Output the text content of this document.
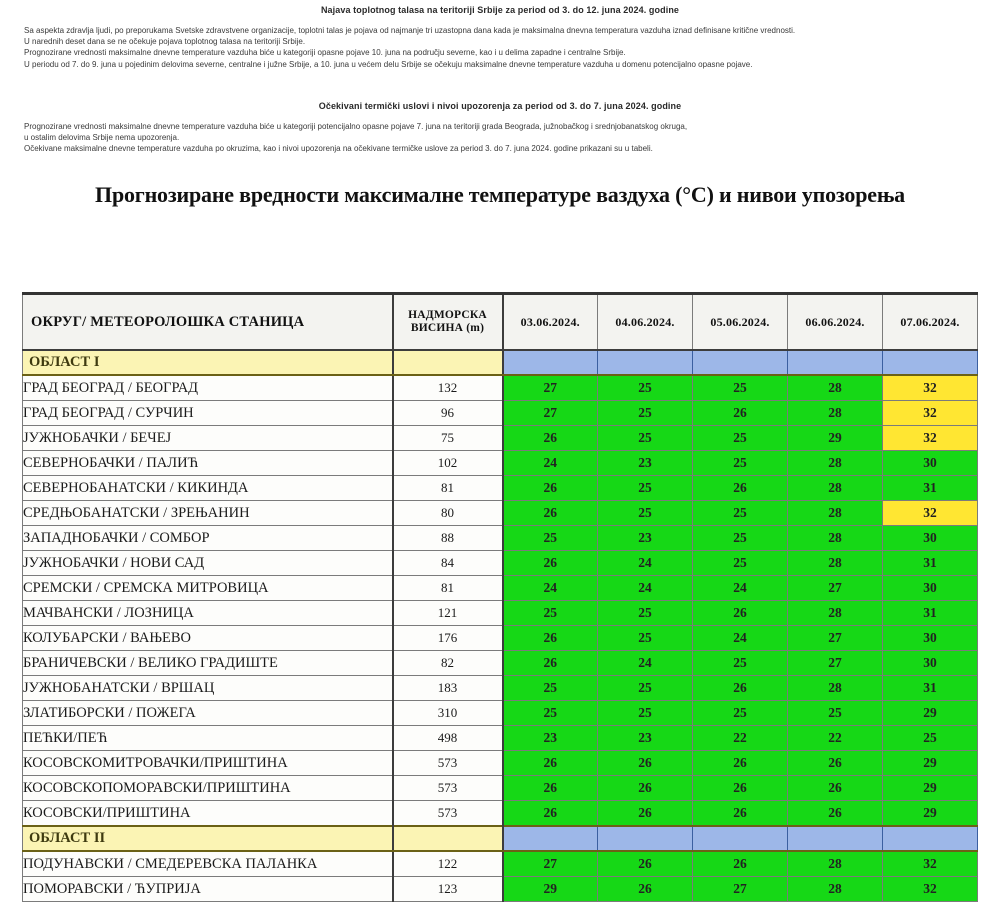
Najava toplotnog talasa na teritoriji Srbije za period od 3. do 12. juna 2024. godine

Sa aspekta zdravlja ljudi, po preporukama Svetske zdravstvene organizacije, toplotni talas je pojava od najmanje tri uzastopna dana kada je maksimalna dnevna temperatura vazduha iznad definisane kritične vrednosti.

U narednih deset dana se ne očekuje pojava toplotnog talasa na teritoriji Srbije.

Prognozirane vrednosti maksimalne dnevne temperature vazduha biće u kategoriji opasne pojave 10. juna na području severne, kao i u delima zapadne i centralne Srbije.

U periodu od 7. do 9. juna u pojedinim delovima severne, centralne i južne Srbije, a 10. juna u većem delu Srbije se očekuju maksimalne dnevne temperature vazduha u domenu potencijalno opasne pojave.

Očekivani termički uslovi i nivoi upozorenja za period od 3. do 7. juna 2024. godine

Prognozirane vrednosti maksimalne dnevne temperature vazduha biće u kategoriji potencijalno opasne pojave 7. juna na teritoriji grada Beograda, južnobačkog i srednjobanatskog okruga,

u ostalim delovima Srbije nema upozorenja.

Očekivane maksimalne dnevne temperature vazduha po okruzima, kao i nivoi upozorenja na očekivane termičke uslove za period 3. do 7. juna 2024. godine prikazani su u tabeli.

Прогнозиране вредности максималне температуре ваздуха (°C) и нивои упозорења
ОКРУГ/ МЕТЕОРОЛОШКА СТАНИЦА	НАДМОРСКА
ВИСИНА (m)	03.06.2024.	04.06.2024.	05.06.2024.	06.06.2024.	07.06.2024.
ОБЛАСТ I						
ГРАД БЕОГРАД / БЕОГРАД	132	27	25	25	28	32
ГРАД БЕОГРАД / СУРЧИН	96	27	25	26	28	32
ЈУЖНОБАЧКИ / БЕЧЕЈ	75	26	25	25	29	32
СЕВЕРНОБАЧКИ / ПАЛИЋ	102	24	23	25	28	30
СЕВЕРНОБАНАТСКИ / КИКИНДА	81	26	25	26	28	31
СРЕДЊОБАНАТСКИ / ЗРЕЊАНИН	80	26	25	25	28	32
ЗАПАДНОБАЧКИ / СОМБОР	88	25	23	25	28	30
ЈУЖНОБАЧКИ / НОВИ САД	84	26	24	25	28	31
СРЕМСКИ / СРЕМСКА МИТРОВИЦА	81	24	24	24	27	30
МАЧВАНСКИ / ЛОЗНИЦА	121	25	25	26	28	31
КОЛУБАРСКИ / ВАЊЕВО	176	26	25	24	27	30
БРАНИЧЕВСКИ / ВЕЛИКО ГРАДИШТЕ	82	26	24	25	27	30
ЈУЖНОБАНАТСКИ / ВРШАЦ	183	25	25	26	28	31
ЗЛАТИБОРСКИ / ПОЖЕГА	310	25	25	25	25	29
ПЕЋКИ/ПЕЋ	498	23	23	22	22	25
КОСОВСКОМИТРОВАЧКИ/ПРИШТИНА	573	26	26	26	26	29
КОСОВСКОПОМОРАВСКИ/ПРИШТИНА	573	26	26	26	26	29
КОСОВСКИ/ПРИШТИНА	573	26	26	26	26	29
ОБЛАСТ II						
ПОДУНАВСКИ / СМЕДЕРЕВСКА ПАЛАНКА	122	27	26	26	28	32
ПОМОРАВСКИ / ЋУПРИЈА	123	29	26	27	28	32
